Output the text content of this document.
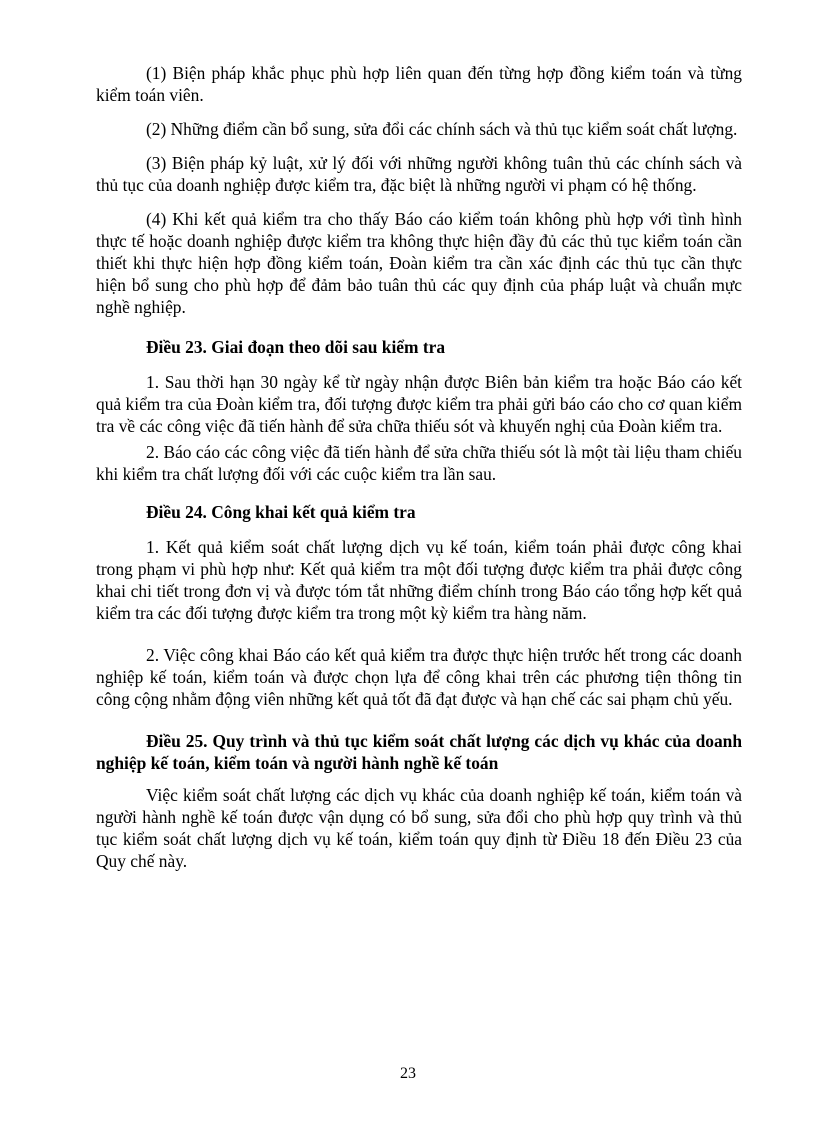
(1) Biện pháp khắc phục phù hợp liên quan đến từng hợp đồng kiểm toán và từng kiểm toán viên.

(2) Những điểm cần bổ sung, sửa đổi các chính sách và thủ tục kiểm soát chất lượng.

(3) Biện pháp kỷ luật, xử lý đối với những người không tuân thủ các chính sách và thủ tục của doanh nghiệp được kiểm tra, đặc biệt là những người vi phạm có hệ thống.

(4) Khi kết quả kiểm tra cho thấy Báo cáo kiểm toán không phù hợp với tình hình thực tế hoặc doanh nghiệp được kiểm tra không thực hiện đầy đủ các thủ tục kiểm toán cần thiết khi thực hiện hợp đồng kiểm toán, Đoàn kiểm tra cần xác định các thủ tục cần thực hiện bổ sung cho phù hợp để đảm bảo tuân thủ các quy định của pháp luật và chuẩn mực nghề nghiệp.

Điều 23. Giai đoạn theo dõi sau kiểm tra

1. Sau thời hạn 30 ngày kể từ ngày nhận được Biên bản kiểm tra hoặc Báo cáo kết quả kiểm tra của Đoàn kiểm tra, đối tượng được kiểm tra phải gửi báo cáo cho cơ quan kiểm tra về các công việc đã tiến hành để sửa chữa thiếu sót và khuyến nghị của Đoàn kiểm tra.

2. Báo cáo các công việc đã tiến hành để sửa chữa thiếu sót là một tài liệu tham chiếu khi kiểm tra chất lượng đối với các cuộc kiểm tra lần sau.

Điều 24. Công khai kết quả kiểm tra

1. Kết quả kiểm soát chất lượng dịch vụ kế toán, kiểm toán phải được công khai trong phạm vi phù hợp như: Kết quả kiểm tra một đối tượng được kiểm tra phải được công khai chi tiết trong đơn vị và được tóm tắt những điểm chính trong Báo cáo tổng hợp kết quả kiểm tra các đối tượng được kiểm tra trong một kỳ kiểm tra hàng năm.

2. Việc công khai Báo cáo kết quả kiểm tra được thực hiện trước hết trong các doanh nghiệp kế toán, kiểm toán và được chọn lựa để công khai trên các phương tiện thông tin công cộng nhằm động viên những kết quả tốt đã đạt được và hạn chế các sai phạm chủ yếu.

Điều 25. Quy trình và thủ tục kiểm soát chất lượng các dịch vụ khác của doanh nghiệp kế toán, kiểm toán và người hành nghề kế toán

Việc kiểm soát chất lượng các dịch vụ khác của doanh nghiệp kế toán, kiểm toán và người hành nghề kế toán được vận dụng có bổ sung, sửa đổi cho phù hợp quy trình và thủ tục kiểm soát chất lượng dịch vụ kế toán, kiểm toán quy định từ Điều 18 đến Điều 23 của Quy chế này.

23
